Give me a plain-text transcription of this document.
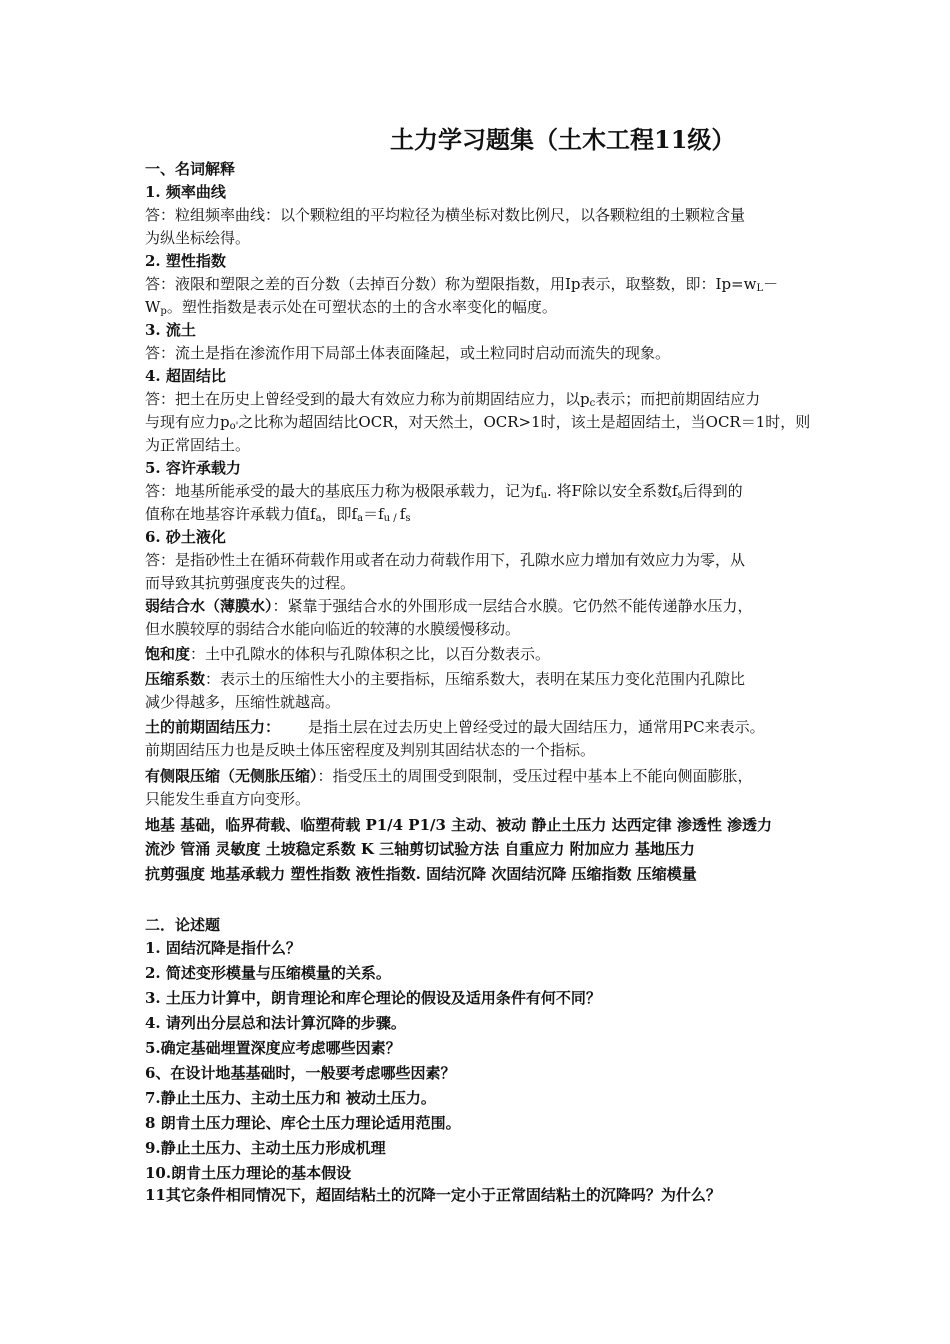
土力学习题集（土木工程11级）
一、名词解释
1. 频率曲线
答：粒组频率曲线：以个颗粒组的平均粒径为横坐标对数比例尺，以各颗粒组的土颗粒含量
为纵坐标绘得。
2. 塑性指数
答：液限和塑限之差的百分数（去掉百分数）称为塑限指数，用Ip表示，取整数，即：$Ip=w_L-$
$W_p$。塑性指数是表示处在可塑状态的土的含水率变化的幅度。
3. 流土
答：流土是指在渗流作用下局部土体表面隆起，或土粒同时启动而流失的现象。
4. 超固结比
答：把土在历史上曾经受到的最大有效应力称为前期固结应力，以$p_c$表示；而把前期固结应力
与现有应力$p_{o'}$之比称为超固结比OCR，对天然土，OCR>1时，该土是超固结土，当OCR＝1时，则
为正常固结土。
5. 容许承载力
答：地基所能承受的最大的基底压力称为极限承载力，记为$f_u$. 将F除以安全系数$f_s$后得到的
值称在地基容许承载力值$f_a$，即$f_a=f_{u /}$ $f_s$
6. 砂土液化
答：是指砂性土在循环荷载作用或者在动力荷载作用下，孔隙水应力增加有效应力为零，从
而导致其抗剪强度丧失的过程。
弱结合水（薄膜水）：紧靠于强结合水的外围形成一层结合水膜。它仍然不能传递静水压力，
但水膜较厚的弱结合水能向临近的较薄的水膜缓慢移动。
饱和度：土中孔隙水的体积与孔隙体积之比，以百分数表示。
压缩系数：表示土的压缩性大小的主要指标，压缩系数大，表明在某压力变化范围内孔隙比
减少得越多，压缩性就越高。
土的前期固结压力： 是指土层在过去历史上曾经受过的最大固结压力，通常用PC来表示。
前期固结压力也是反映土体压密程度及判别其固结状态的一个指标。
有侧限压缩（无侧胀压缩）：指受压土的周围受到限制，受压过程中基本上不能向侧面膨胀，
只能发生垂直方向变形。
地基 基础，临界荷载、临塑荷载 P1/4 P1/3 主动、被动 静止土压力 达西定律 渗透性 渗透力
流沙 管涌 灵敏度 土坡稳定系数 K 三轴剪切试验方法 自重应力 附加应力 基地压力
抗剪强度 地基承载力 塑性指数 液性指数. 固结沉降 次固结沉降 压缩指数 压缩模量
二．论述题
1. 固结沉降是指什么？
2. 简述变形模量与压缩模量的关系。
3. 土压力计算中，朗肯理论和库仑理论的假设及适用条件有何不同？
4. 请列出分层总和法计算沉降的步骤。
5.确定基础埋置深度应考虑哪些因素？
6、在设计地基基础时，一般要考虑哪些因素？
7.静止土压力、主动土压力和 被动土压力。
8 朗肯土压力理论、库仑土压力理论适用范围。
9.静止土压力、主动土压力形成机理
10.朗肯土压力理论的基本假设
11其它条件相同情况下，超固结粘土的沉降一定小于正常固结粘土的沉降吗？为什么？
